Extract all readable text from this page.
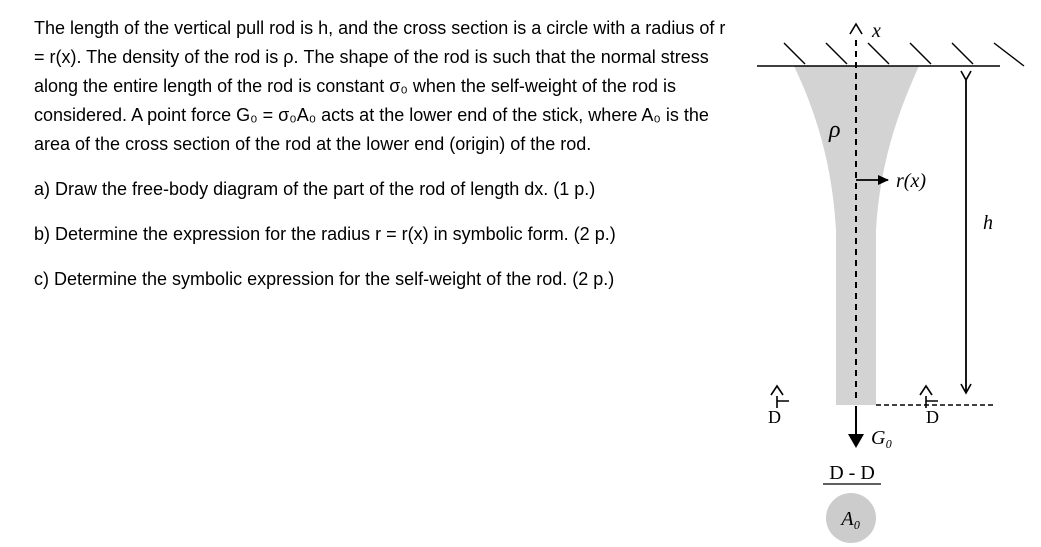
The length of the vertical pull rod is h, and the cross section is a circle with a radius of r = r(x). The density of the rod is ρ. The shape of the rod is such that the normal stress along the entire length of the rod is constant σ₀ when the self-weight of the rod is considered. A point force G₀ = σ₀A₀ acts at the lower end of the stick, where A₀ is the area of the cross section of the rod at the lower end (origin) of the rod.

a) Draw the free-body diagram of the part of the rod of length dx. (1 p.)

b) Determine the expression for the radius r = r(x) in symbolic form. (2 p.)

c) Determine the symbolic expression for the self-weight of the rod. (2 p.)

x
ρ
r(x)
h
G₀
D	D
D - D
A₀
